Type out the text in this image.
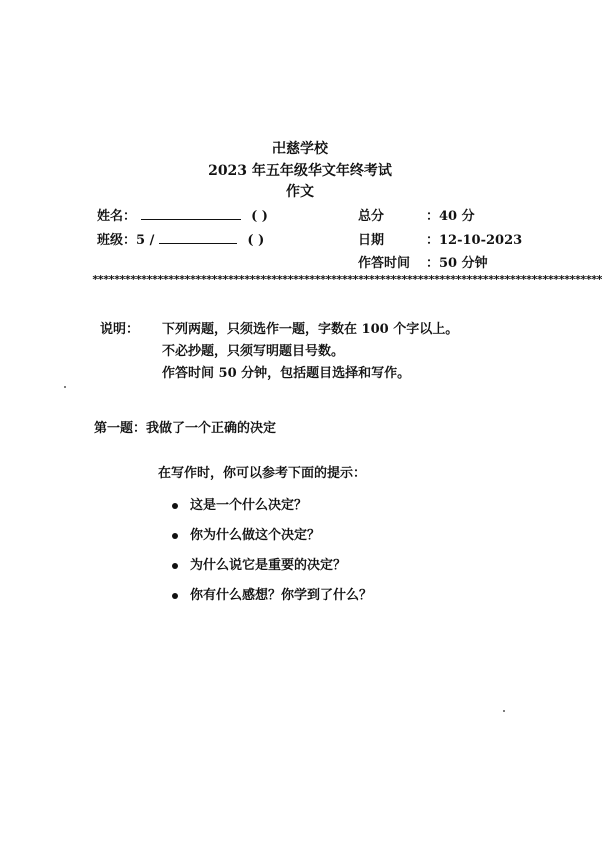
卍慈学校
2023 年五年级华文年终考试
作文
姓名：	( )
班级：5 /	( )
总分	：40 分
日期	：12-10-2023
作答时间 ：50 分钟
**********************************************************************************************
说明： 下列两题，只须选作一题，字数在 100 个字以上。
不必抄题，只须写明题目号数。
作答时间 50 分钟，包括题目选择和写作。
第一题：我做了一个正确的决定
在写作时，你可以参考下面的提示：
这是一个什么决定？
你为什么做这个决定？
为什么说它是重要的决定？
你有什么感想？你学到了什么？
